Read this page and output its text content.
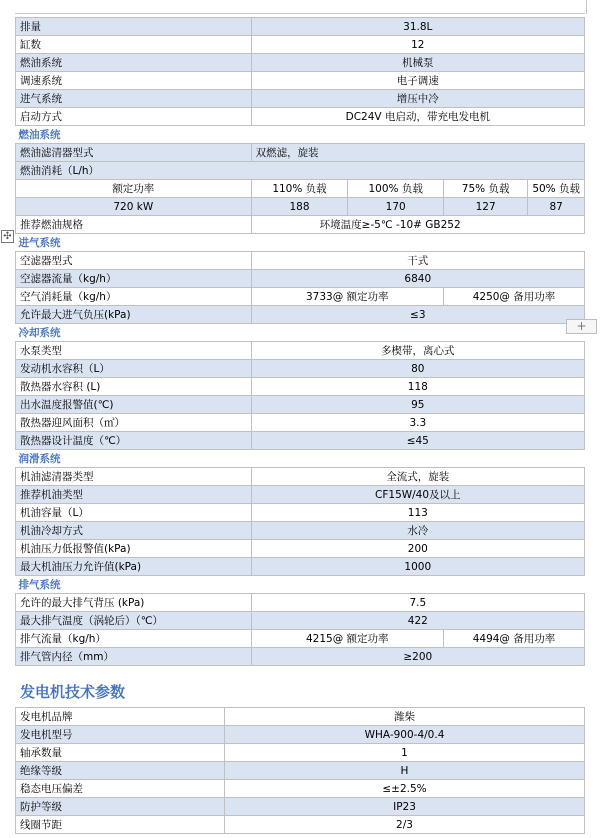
排量	31.8L			
缸数	12			
燃油系统	机械泵			
调速系统	电子调速			
进气系统	增压中冷			
启动方式	DC24V 电启动，带充电发电机			
燃油系统				
燃油滤清器型式	双燃滤，旋装			
燃油消耗（L/h）				
额定功率	110% 负载	100% 负载	75% 负载	50% 负载
720 kW	188	170	127	87
推荐燃油规格	环境温度≥-5℃ -10# GB252			
进气系统				
空滤器型式	干式			
空滤器流量（kg/h）	6840			
空气消耗量（kg/h）	3733@ 额定功率		4250@ 备用功率	
允许最大进气负压(kPa)	≤3			
冷却系统				
水泵类型	多楔带，离心式			
发动机水容积（L）	80			
散热器水容积 (L)	118			
出水温度报警值(℃)	95			
散热器迎风面积（㎡）	3.3			
散热器设计温度（℃）	≤45			
润滑系统				
机油滤清器类型	全流式，旋装			
推荐机油类型	CF15W/40及以上			
机油容量（L）	113			
机油冷却方式	水冷			
机油压力低报警值(kPa)	200			
最大机油压力允许值(kPa)	1000			
排气系统				
允许的最大排气背压 (kPa)	7.5			
最大排气温度（涡轮后）（℃）	422			
排气流量（kg/h）	4215@ 额定功率		4494@ 备用功率	
排气管内径（mm）	≥200			
✣
+
发电机技术参数
发电机品牌	潍柴
发电机型号	WHA-900-4/0.4
轴承数量	1
绝缘等级	H
稳态电压偏差	≤±2.5%
防护等级	IP23
线圈节距	2/3
